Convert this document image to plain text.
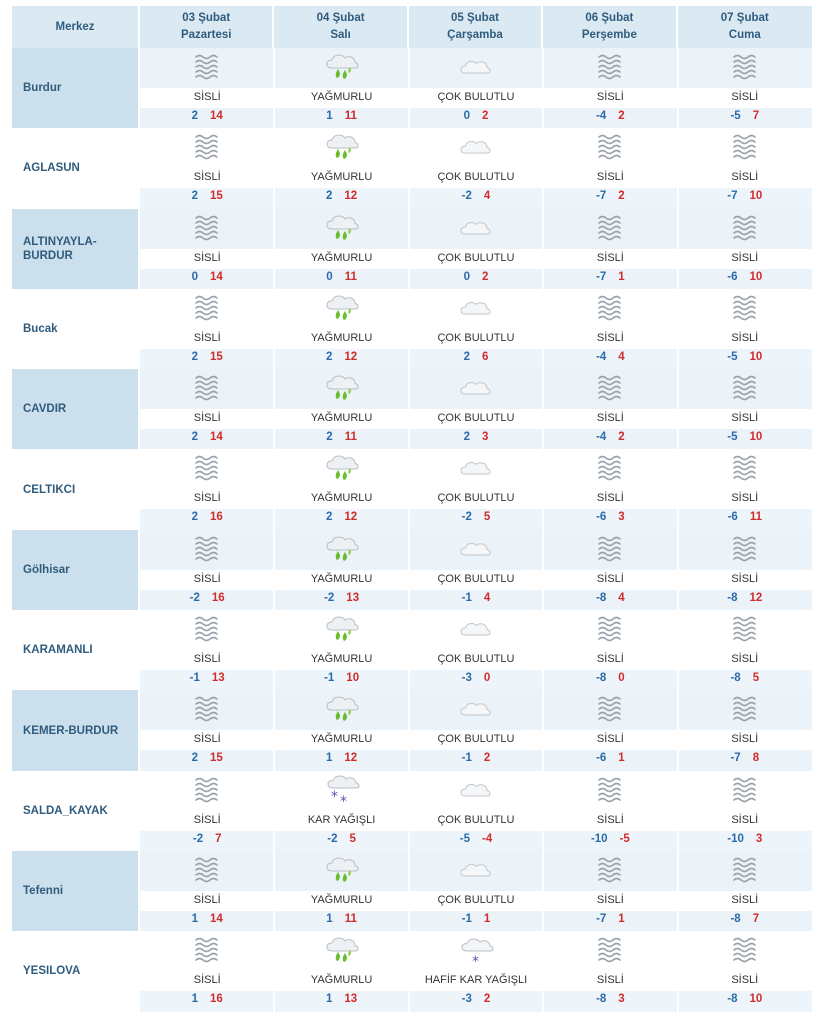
Merkez
03 Şubat
Pazartesi
04 Şubat
Salı
05 Şubat
Çarşamba
06 Şubat
Perşembe
07 Şubat
Cuma
Burdur
SİSLİ
2 14
YAĞMURLU
1 11
ÇOK BULUTLU
0 2
SİSLİ
-4 2
SİSLİ
-5 7
AGLASUN
SİSLİ
2 15
YAĞMURLU
2 12
ÇOK BULUTLU
-2 4
SİSLİ
-7 2
SİSLİ
-7 10
ALTINYAYLA-BURDUR	SİSLİ
0 14
YAĞMURLU
0 11
ÇOK BULUTLU
0 2
SİSLİ
-7 1
SİSLİ
-6 10
Bucak
SİSLİ
2 15
YAĞMURLU
2 12
ÇOK BULUTLU
2 6
SİSLİ
-4 4
SİSLİ
-5 10
CAVDIR
SİSLİ
2 14
YAĞMURLU
2 11
ÇOK BULUTLU
2 3
SİSLİ
-4 2
SİSLİ
-5 10
CELTIKCI
SİSLİ
2 16
YAĞMURLU
2 12
ÇOK BULUTLU
-2 5
SİSLİ
-6 3
SİSLİ
-6 11
Gölhisar
SİSLİ
-2 16
YAĞMURLU
-2 13
ÇOK BULUTLU
-1 4
SİSLİ
-8 4
SİSLİ
-8 12
KARAMANLI
SİSLİ
-1 13
YAĞMURLU
-1 10
ÇOK BULUTLU
-3 0
SİSLİ
-8 0
SİSLİ
-8 5
KEMER-BURDUR
SİSLİ
2 15
YAĞMURLU
1 12
ÇOK BULUTLU
-1 2
SİSLİ
-6 1
SİSLİ
-7 8
SALDA_KAYAK
SİSLİ
-2 7
* *
KAR YAĞIŞLI
-2 5
ÇOK BULUTLU
-5 -4
SİSLİ
-10 -5
SİSLİ
-10 3
Tefenni
SİSLİ
1 14
YAĞMURLU
1 11
ÇOK BULUTLU
-1 1
SİSLİ
-7 1
SİSLİ
-8 7
YESILOVA
SİSLİ
1 16
YAĞMURLU
1 13
*
HAFİF KAR YAĞIŞLI
-3 2
SİSLİ
-8 3
SİSLİ
-8 10
